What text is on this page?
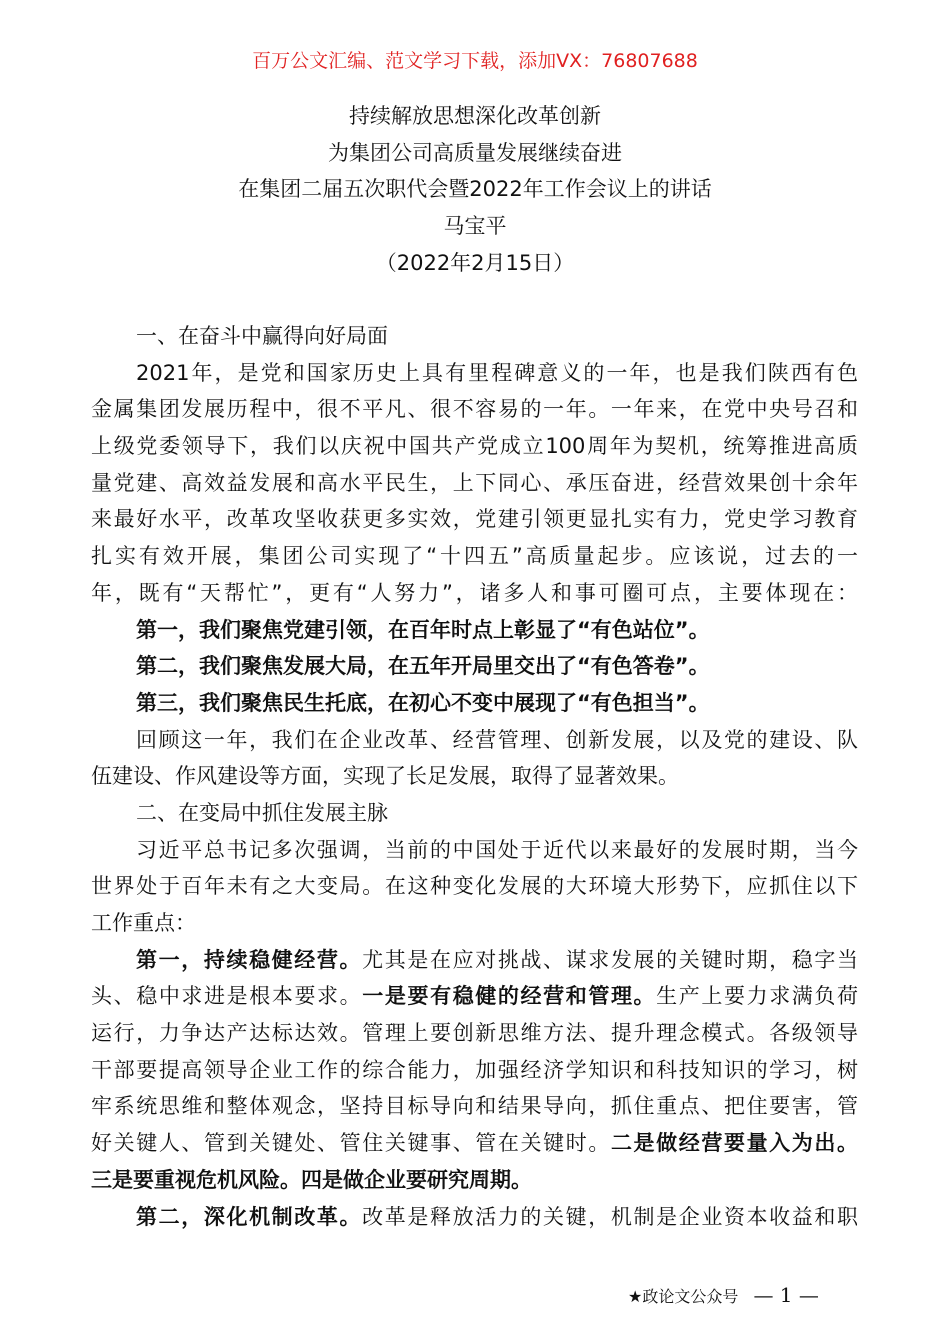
百万公文汇编、范文学习下载，添加VX：76807688
持续解放思想深化改革创新
为集团公司高质量发展继续奋进
在集团二届五次职代会暨2022年工作会议上的讲话
马宝平
（2022年2月15日）
一、在奋斗中赢得向好局面
2021年，是党和国家历史上具有里程碑意义的一年，也是我们陕西有色
金属集团发展历程中，很不平凡、很不容易的一年。一年来，在党中央号召和
上级党委领导下，我们以庆祝中国共产党成立100周年为契机，统筹推进高质
量党建、高效益发展和高水平民生，上下同心、承压奋进，经营效果创十余年
来最好水平，改革攻坚收获更多实效，党建引领更显扎实有力，党史学习教育
扎实有效开展，集团公司实现了“十四五”高质量起步。应该说，过去的一
年，既有“天帮忙”，更有“人努力”，诸多人和事可圈可点，主要体现在：
第一，我们聚焦党建引领，在百年时点上彰显了“有色站位”。
第二，我们聚焦发展大局，在五年开局里交出了“有色答卷”。
第三，我们聚焦民生托底，在初心不变中展现了“有色担当”。
回顾这一年，我们在企业改革、经营管理、创新发展，以及党的建设、队
伍建设、作风建设等方面，实现了长足发展，取得了显著效果。
二、在变局中抓住发展主脉
习近平总书记多次强调，当前的中国处于近代以来最好的发展时期，当今
世界处于百年未有之大变局。在这种变化发展的大环境大形势下，应抓住以下
工作重点：
第一，持续稳健经营。尤其是在应对挑战、谋求发展的关键时期，稳字当
头、稳中求进是根本要求。一是要有稳健的经营和管理。生产上要力求满负荷
运行，力争达产达标达效。管理上要创新思维方法、提升理念模式。各级领导
干部要提高领导企业工作的综合能力，加强经济学知识和科技知识的学习，树
牢系统思维和整体观念，坚持目标导向和结果导向，抓住重点、把住要害，管
好关键人、管到关键处、管住关键事、管在关键时。二是做经营要量入为出。
三是要重视危机风险。四是做企业要研究周期。
第二，深化机制改革。改革是释放活力的关键，机制是企业资本收益和职
★政论文公众号 — 1 —
